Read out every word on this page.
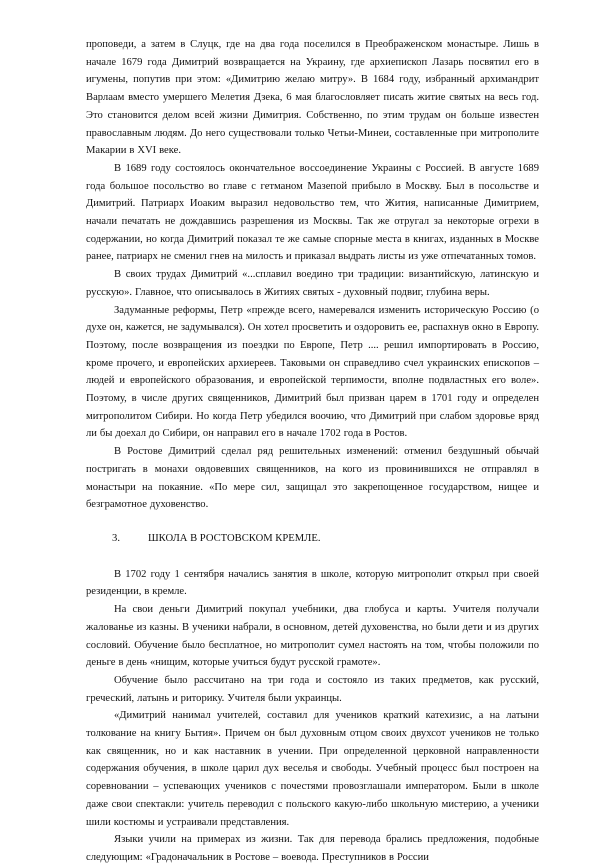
проповеди, а затем в Слуцк, где на два года поселился в Преображенском монастыре. Лишь в начале 1679 года Димитрий возвращается на Украину, где архиепископ Лазарь посвятил его в игумены, попутив при этом: «Димитрию желаю митру». В 1684 году, избранный архимандрит Варлаам вместо умершего Мелетия Дзека, 6 мая благословляет писать житие святых на весь год. Это становится делом всей жизни Димитрия. Собственно, по этим трудам он больше известен православным людям. До него существовали только Четьи-Минеи, составленные при митрополите Макарии в XVI веке.

В 1689 году состоялось окончательное воссоединение Украины с Россией. В августе 1689 года большое посольство во главе с гетманом Мазепой прибыло в Москву. Был в посольстве и Димитрий. Патриарх Иоаким выразил недовольство тем, что Жития, написанные Димитрием, начали печатать не дождавшись разрешения из Москвы. Так же отругал за некоторые огрехи в содержании, но когда Димитрий показал те же самые спорные места в книгах, изданных в Москве ранее, патриарх не сменил гнев на милость и приказал выдрать листы из уже отпечатанных томов.

В своих трудах Димитрий «...сплавил воедино три традиции: византийскую, латинскую и русскую». Главное, что описывалось в Житиях святых - духовный подвиг, глубина веры.

Задуманные реформы, Петр «прежде всего, намеревался изменить историческую Россию (о духе он, кажется, не задумывался). Он хотел просветить и оздоровить ее, распахнув окно в Европу. Поэтому, после возвращения из поездки по Европе, Петр .... решил импортировать в Россию, кроме прочего, и европейских архиереев. Таковыми он справедливо счел украинских епископов – людей и европейского образования, и европейской терпимости, вполне подвластных его воле». Поэтому, в числе других священников, Димитрий был призван царем в 1701 году и определен митрополитом Сибири. Но когда Петр убедился воочию, что Димитрий при слабом здоровье вряд ли бы доехал до Сибири, он направил его в начале 1702 года в Ростов.

В Ростове Димитрий сделал ряд решительных изменений: отменил бездушный обычай постригать в монахи овдовевших священников, на кого из провинившихся не отправлял в монастыри на покаяние. «По мере сил, защищал это закрепощенное государством, нищее и безграмотное духовенство.

3.	ШКОЛА В РОСТОВСКОМ КРЕМЛЕ.

В 1702 году 1 сентября начались занятия в школе, которую митрополит открыл при своей резиденции, в кремле.

На свои деньги Димитрий покупал учебники, два глобуса и карты. Учителя получали жалованье из казны. В ученики набрали, в основном, детей духовенства, но были дети и из других сословий. Обучение было бесплатное, но митрополит сумел настоять на том, чтобы положили по деньге в день «нищим, которые учиться будут русской грамоте».

Обучение было рассчитано на три года и состояло из таких предметов, как русский, греческий, латынь и риторику. Учителя были украинцы.

«Димитрий нанимал учителей, составил для учеников краткий катехизис, а на латыни толкование на книгу Бытия». Причем он был духовным отцом своих двухсот учеников не только как священник, но и как наставник в учении. При определенной церковной направленности содержания обучения, в школе царил дух веселья и свободы. Учебный процесс был построен на соревновании – успевающих учеников с почестями провозглашали императором. Были в школе даже свои спектакли: учитель переводил с польского какую-либо школьную мистерию, а ученики шили костюмы и устраивали представления.

Языки учили на примерах из жизни. Так для перевода брались предложения, подобные следующим: «Градоначальник в Ростове – воевода. Преступников в России
